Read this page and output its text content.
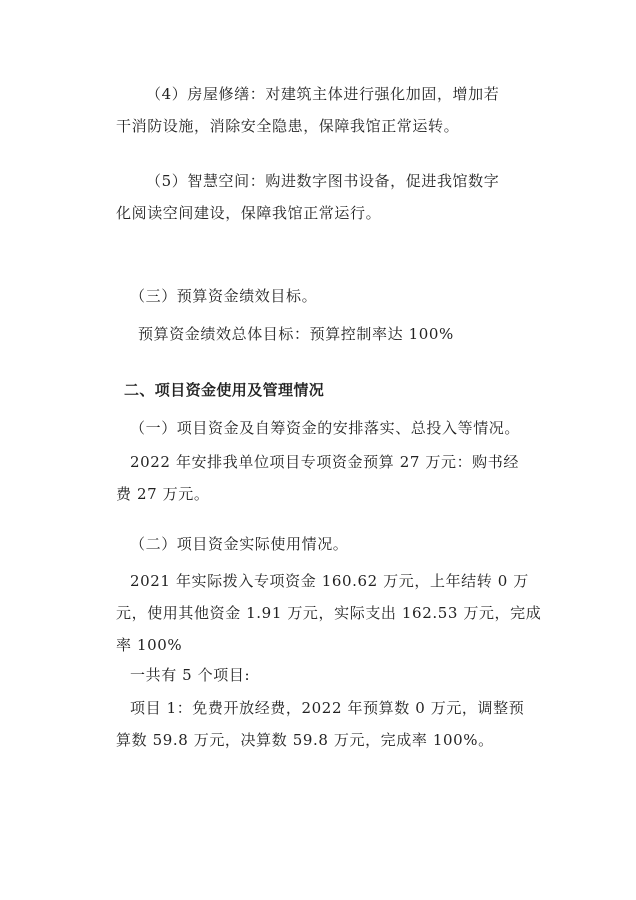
（4）房屋修缮：对建筑主体进行强化加固，增加若
干消防设施，消除安全隐患，保障我馆正常运转。
（5）智慧空间：购进数字图书设备，促进我馆数字
化阅读空间建设，保障我馆正常运行。
（三）预算资金绩效目标。
预算资金绩效总体目标：预算控制率达 100%
二、项目资金使用及管理情况
（一）项目资金及自筹资金的安排落实、总投入等情况。
2022 年安排我单位项目专项资金预算 27 万元：购书经
费 27 万元。
（二）项目资金实际使用情况。
2021 年实际拨入专项资金 160.62 万元，上年结转 0 万
元，使用其他资金 1.91 万元，实际支出 162.53 万元，完成
率 100%
一共有 5 个项目:
项目 1：免费开放经费，2022 年预算数 0 万元，调整预
算数 59.8 万元，决算数 59.8 万元，完成率 100%。
